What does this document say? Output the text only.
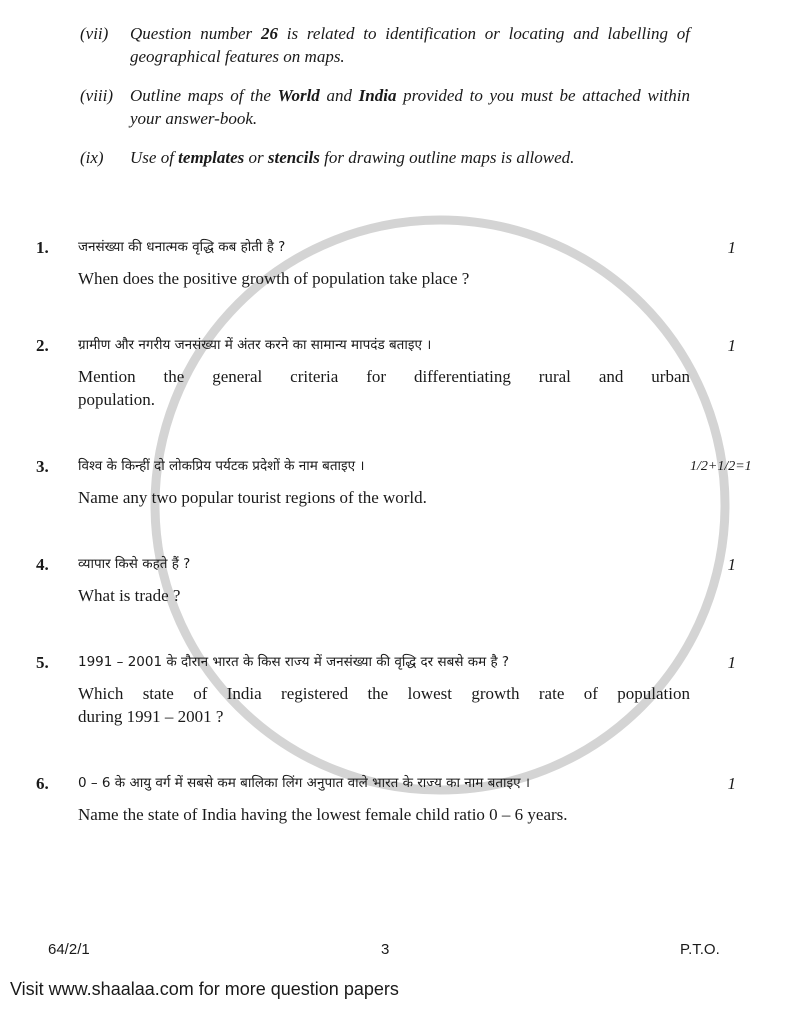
(vii)	Question number 26 is related to identification or locating and labelling of geographical features on maps.
(viii) Outline maps of the World and India provided to you must be attached within your answer-book.
(ix)	Use of templates or stencils for drawing outline maps is allowed.
1.	जनसंख्या की धनात्मक वृद्धि कब होती है ?
When does the positive growth of population take place ?
1
2.	ग्रामीण और नगरीय जनसंख्या में अंतर करने का सामान्य मापदंड बताइए ।
Mention the general criteria for differentiating rural and urban
population.
1
3.	विश्व के किन्हीं दो लोकप्रिय पर्यटक प्रदेशों के नाम बताइए ।
Name any two popular tourist regions of the world.
1/2+1/2=1
4.	व्यापार किसे कहते हैं ?
What is trade ?
1
5.	1991 – 2001 के दौरान भारत के किस राज्य में जनसंख्या की वृद्धि दर सबसे कम है ?
Which state of India registered the lowest growth rate of population
during 1991 – 2001 ?
1
6.	0 – 6 के आयु वर्ग में सबसे कम बालिका लिंग अनुपात वाले भारत के राज्य का नाम बताइए ।
Name the state of India having the lowest female child ratio 0 – 6 years.
1
64/2/1	3	P.T.O.
Visit www.shaalaa.com for more question papers
